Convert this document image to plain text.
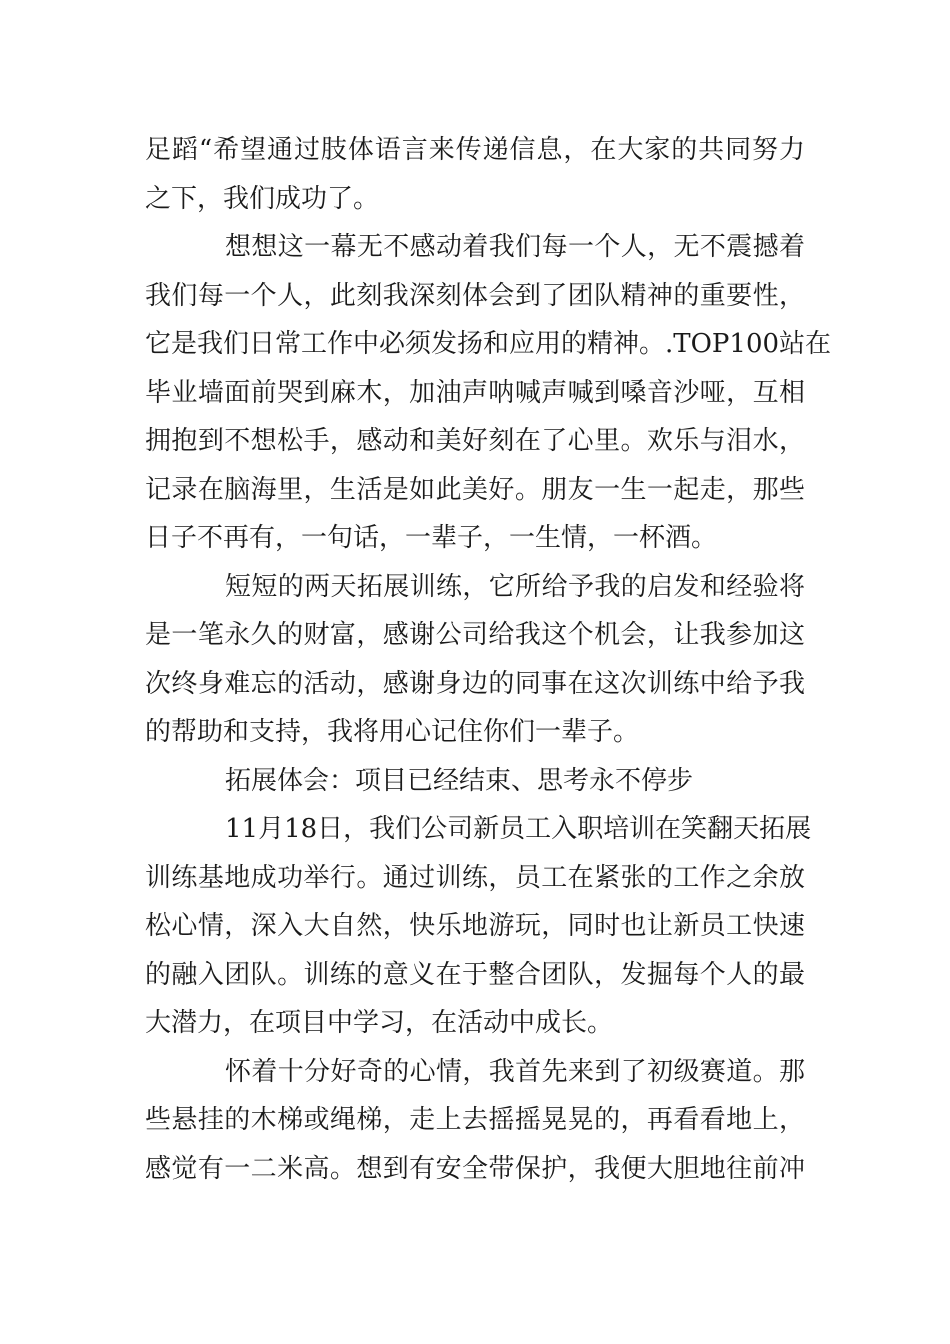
足蹈“希望通过肢体语言来传递信息，在大家的共同努力
之下，我们成功了。
想想这一幕无不感动着我们每一个人，无不震撼着
我们每一个人，此刻我深刻体会到了团队精神的重要性，
它是我们日常工作中必须发扬和应用的精神。.TOP100站在
毕业墙面前哭到麻木，加油声呐喊声喊到嗓音沙哑，互相
拥抱到不想松手，感动和美好刻在了心里。欢乐与泪水，
记录在脑海里，生活是如此美好。朋友一生一起走，那些
日子不再有，一句话，一辈子，一生情，一杯酒。
短短的两天拓展训练，它所给予我的启发和经验将
是一笔永久的财富，感谢公司给我这个机会，让我参加这
次终身难忘的活动，感谢身边的同事在这次训练中给予我
的帮助和支持，我将用心记住你们一辈子。
拓展体会：项目已经结束、思考永不停步
11月18日，我们公司新员工入职培训在笑翻天拓展
训练基地成功举行。通过训练，员工在紧张的工作之余放
松心情，深入大自然，快乐地游玩，同时也让新员工快速
的融入团队。训练的意义在于整合团队，发掘每个人的最
大潜力，在项目中学习，在活动中成长。
怀着十分好奇的心情，我首先来到了初级赛道。那
些悬挂的木梯或绳梯，走上去摇摇晃晃的，再看看地上，
感觉有一二米高。想到有安全带保护，我便大胆地往前冲
